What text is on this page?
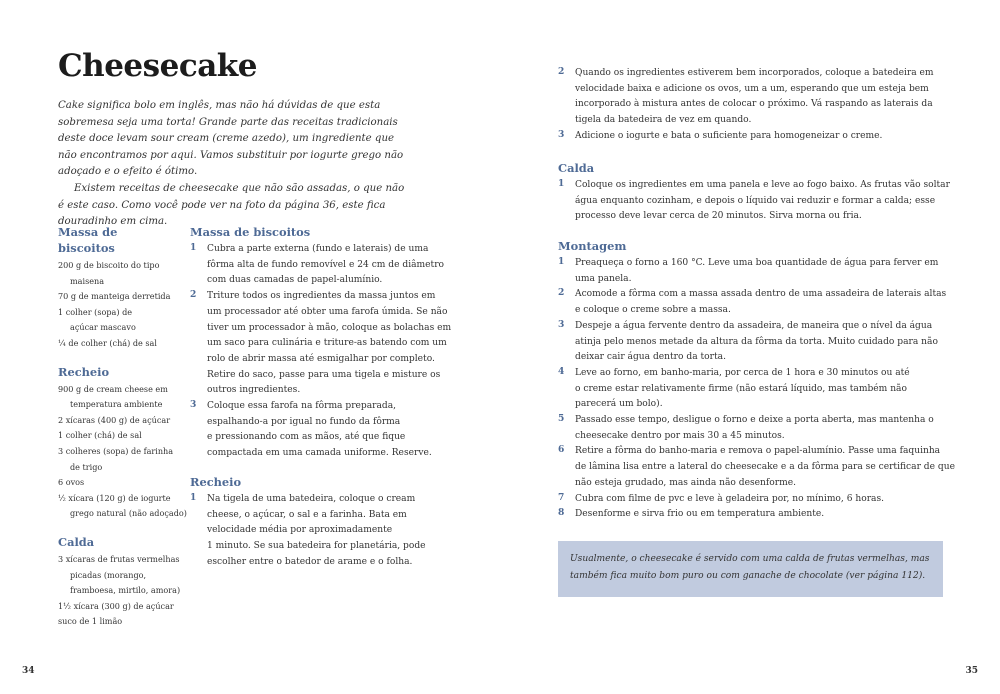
Cheesecake

Cake significa bolo em inglês, mas não há dúvidas de que esta sobremesa seja uma torta! Grande parte das receitas tradicionais deste doce levam sour cream (creme azedo), um ingrediente que não encontramos por aqui. Vamos substituir por iogurte grego não adoçado e o efeito é ótimo.

Existem receitas de cheesecake que não são assadas, o que não é este caso. Como você pode ver na foto da página 36, este fica douradinho em cima.

Massa de biscoitos
200 g de biscoito do tipo
maisena
70 g de manteiga derretida
1 colher (sopa) de
açúcar mascavo
¼ de colher (chá) de sal
Recheio
900 g de cream cheese em
temperatura ambiente
2 xícaras (400 g) de açúcar
1 colher (chá) de sal
3 colheres (sopa) de farinha
de trigo
6 ovos
½ xícara (120 g) de iogurte
grego natural (não adoçado)
Calda
3 xícaras de frutas vermelhas
picadas (morango,
framboesa, mirtilo, amora)
1½ xícara (300 g) de açúcar
suco de 1 limão
Massa de biscoitos
1 Cubra a parte externa (fundo e laterais) de uma
fôrma alta de fundo removível e 24 cm de diâmetro
com duas camadas de papel-alumínio.
2 Triture todos os ingredientes da massa juntos em
um processador até obter uma farofa úmida. Se não
tiver um processador à mão, coloque as bolachas em
um saco para culinária e triture-as batendo com um
rolo de abrir massa até esmigalhar por completo.
Retire do saco, passe para uma tigela e misture os
outros ingredientes.
3 Coloque essa farofa na fôrma preparada,
espalhando-a por igual no fundo da fôrma
e pressionando com as mãos, até que fique
compactada em uma camada uniforme. Reserve.
Recheio
1 Na tigela de uma batedeira, coloque o cream
cheese, o açúcar, o sal e a farinha. Bata em
velocidade média por aproximadamente
1 minuto. Se sua batedeira for planetária, pode
escolher entre o batedor de arame e o folha.
2 Quando os ingredientes estiverem bem incorporados, coloque a batedeira em
velocidade baixa e adicione os ovos, um a um, esperando que um esteja bem
incorporado à mistura antes de colocar o próximo. Vá raspando as laterais da
tigela da batedeira de vez em quando.
3 Adicione o iogurte e bata o suficiente para homogeneizar o creme.
Calda
1 Coloque os ingredientes em uma panela e leve ao fogo baixo. As frutas vão soltar
água enquanto cozinham, e depois o líquido vai reduzir e formar a calda; esse
processo deve levar cerca de 20 minutos. Sirva morna ou fria.
Montagem
1 Preaqueça o forno a 160 °C. Leve uma boa quantidade de água para ferver em
uma panela.
2 Acomode a fôrma com a massa assada dentro de uma assadeira de laterais altas
e coloque o creme sobre a massa.
3 Despeje a água fervente dentro da assadeira, de maneira que o nível da água
atinja pelo menos metade da altura da fôrma da torta. Muito cuidado para não
deixar cair água dentro da torta.
4 Leve ao forno, em banho-maria, por cerca de 1 hora e 30 minutos ou até
o creme estar relativamente firme (não estará líquido, mas também não
parecerá um bolo).
5 Passado esse tempo, desligue o forno e deixe a porta aberta, mas mantenha o
cheesecake dentro por mais 30 a 45 minutos.
6 Retire a fôrma do banho-maria e remova o papel-alumínio. Passe uma faquinha
de lâmina lisa entre a lateral do cheesecake e a da fôrma para se certificar de que
não esteja grudado, mas ainda não desenforme.
7 Cubra com filme de pvc e leve à geladeira por, no mínimo, 6 horas.
8 Desenforme e sirva frio ou em temperatura ambiente.
Usualmente, o cheesecake é servido com uma calda de frutas vermelhas, mas
também fica muito bom puro ou com ganache de chocolate (ver página 112).
34	35
